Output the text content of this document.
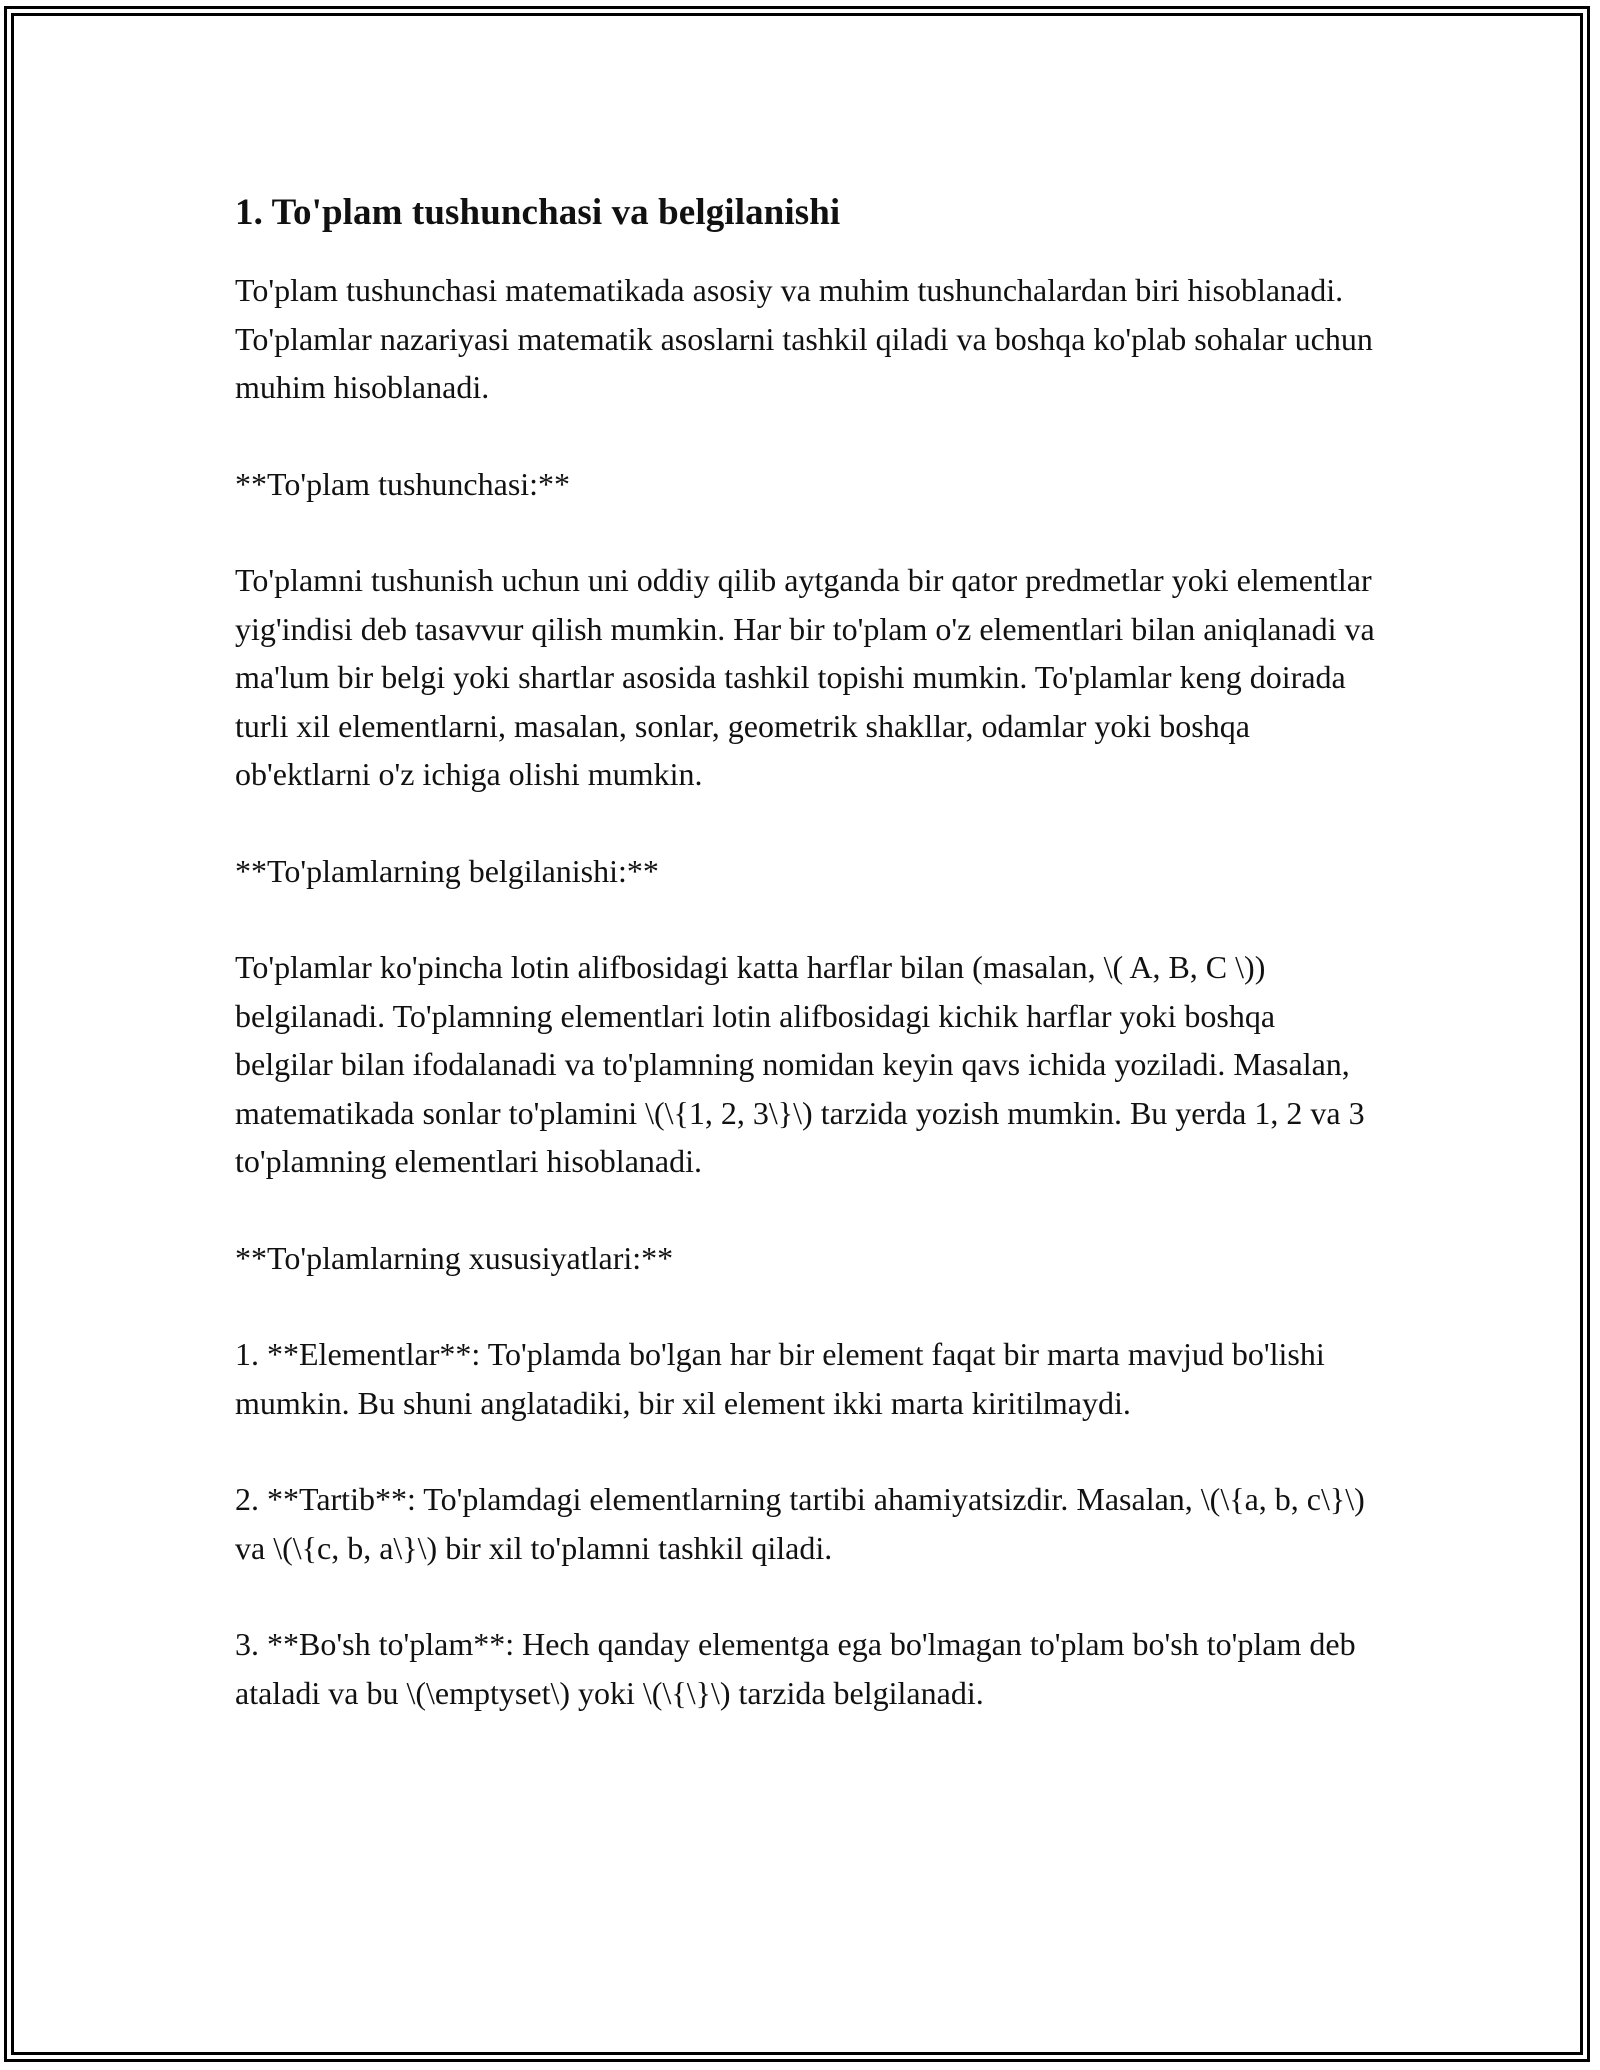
1. To'plam tushunchasi va belgilanishi

To'plam tushunchasi matematikada asosiy va muhim tushunchalardan biri hisoblanadi. To'plamlar nazariyasi matematik asoslarni tashkil qiladi va boshqa ko'plab sohalar uchun muhim hisoblanadi.

**To'plam tushunchasi:**

To'plamni tushunish uchun uni oddiy qilib aytganda bir qator predmetlar yoki elementlar yig'indisi deb tasavvur qilish mumkin. Har bir to'plam o'z elementlari bilan aniqlanadi va ma'lum bir belgi yoki shartlar asosida tashkil topishi mumkin. To'plamlar keng doirada turli xil elementlarni, masalan, sonlar, geometrik shakllar, odamlar yoki boshqa ob'ektlarni o'z ichiga olishi mumkin.

**To'plamlarning belgilanishi:**

To'plamlar ko'pincha lotin alifbosidagi katta harflar bilan (masalan, \( A, B, C \)) belgilanadi. To'plamning elementlari lotin alifbosidagi kichik harflar yoki boshqa belgilar bilan ifodalanadi va to'plamning nomidan keyin qavs ichida yoziladi. Masalan, matematikada sonlar to'plamini \(\{1, 2, 3\}\) tarzida yozish mumkin. Bu yerda 1, 2 va 3 to'plamning elementlari hisoblanadi.

**To'plamlarning xususiyatlari:**

1. **Elementlar**: To'plamda bo'lgan har bir element faqat bir marta mavjud bo'lishi mumkin. Bu shuni anglatadiki, bir xil element ikki marta kiritilmaydi.

2. **Tartib**: To'plamdagi elementlarning tartibi ahamiyatsizdir. Masalan, \(\{a, b, c\}\) va \(\{c, b, a\}\) bir xil to'plamni tashkil qiladi.

3. **Bo'sh to'plam**: Hech qanday elementga ega bo'lmagan to'plam bo'sh to'plam deb ataladi va bu \(\emptyset\) yoki \(\{\}\) tarzida belgilanadi.
